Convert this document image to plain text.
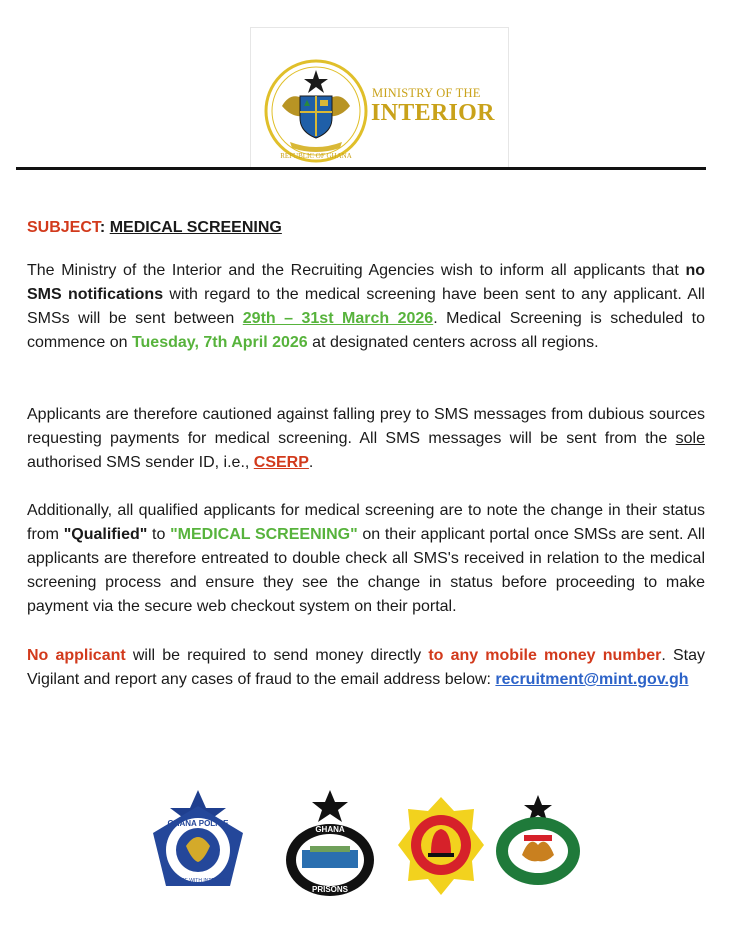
REPUBLIC OF GHANA
MINISTRY OF THE
INTERIOR
SUBJECT: MEDICAL SCREENING
The Ministry of the Interior and the Recruiting Agencies wish to inform all applicants that no SMS notifications with regard to the medical screening have been sent to any applicant. All SMSs will be sent between 29th – 31st March 2026. Medical Screening is scheduled to commence on Tuesday, 7th April 2026 at designated centers across all regions.
Applicants are therefore cautioned against falling prey to SMS messages from dubious sources requesting payments for medical screening. All SMS messages will be sent from the sole authorised SMS sender ID, i.e., CSERP.
Additionally, all qualified applicants for medical screening are to note the change in their status from "Qualified" to "MEDICAL SCREENING" on their applicant portal once SMSs are sent. All applicants are therefore entreated to double check all SMS's received in relation to the medical screening process and ensure they see the change in status before proceeding to make payment via the secure web checkout system on their portal.
No applicant will be required to send money directly to any mobile money number. Stay Vigilant and report any cases of fraud to the email address below: recruitment@mint.gov.gh
GHANA POLICE
SERVICE WITH INTEGRITY
GHANA
PRISONS
